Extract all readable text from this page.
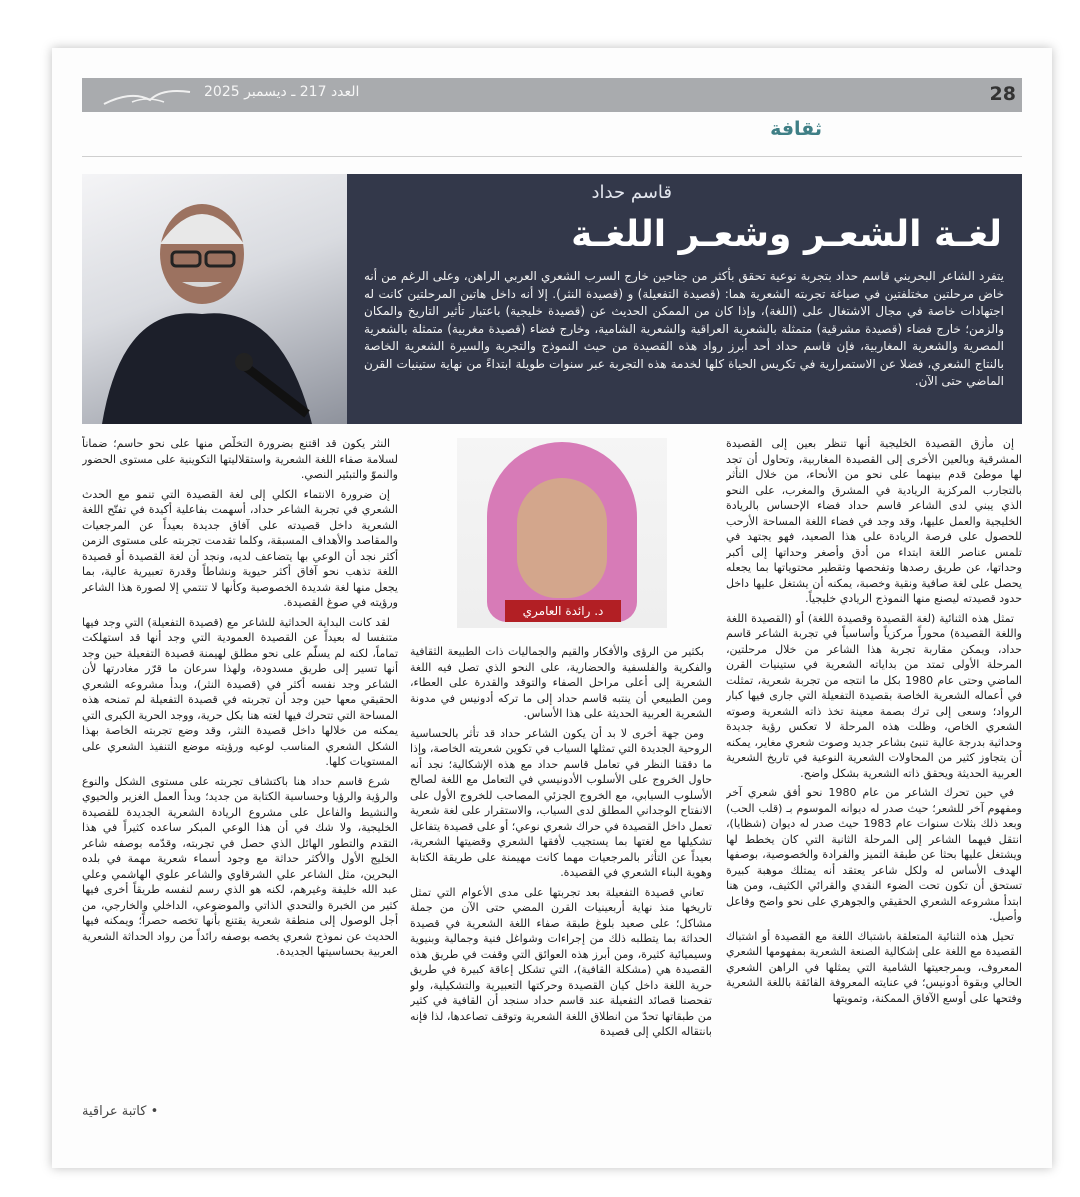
العدد 217 ـ ديسمبر 2025	28
ثقافة
قاسم حداد
لغـة الشعـر وشعـر اللغـة
يتفرد الشاعر البحريني قاسم حداد بتجربة نوعية تحقق بأكثر من جناحين خارج السرب الشعري العربي الراهن، وعلى الرغم من أنه خاض مرحلتين مختلفتين في صياغة تجربته الشعرية هما: (قصيدة التفعيلة) و (قصيدة النثر). إلا أنه داخل هاتين المرحلتين كانت له اجتهادات خاصة في مجال الاشتغال على (اللغة)، وإذا كان من الممكن الحديث عن (قصيدة خليجية) باعتبار تأثير التاريخ والمكان والزمن؛ خارج فضاء (قصيدة مشرقية) متمثلة بالشعرية العراقية والشعرية الشامية، وخارج فضاء (قصيدة مغربية) متمثلة بالشعرية المصرية والشعرية المغاربية، فإن قاسم حداد أحد أبرز رواد هذه القصيدة من حيث النموذج والتجربة والسيرة الشعرية الخاصة بالنتاج الشعري، فضلا عن الاستمرارية في تكريس الحياة كلها لخدمة هذه التجربة عبر سنوات طويلة ابتداءً من نهاية ستينيات القرن الماضي حتى الآن.

إن مأزق القصيدة الخليجية أنها تنظر بعين إلى القصيدة المشرقية وبالعين الأخرى إلى القصيدة المغاربية، وتحاول أن تجد لها موطئ قدم بينهما على نحو من الأنحاء، من خلال التأثر بالتجارب المركزية الريادية في المشرق والمغرب، على النحو الذي يبني لدى الشاعر قاسم حداد فضاء الإحساس بالريادة الخليجية والعمل عليها، وقد وجد في فضاء اللغة المساحة الأرحب للحصول على فرصة الريادة على هذا الصعيد، فهو يجتهد في تلمس عناصر اللغة ابتداء من أدق وأصغر وحداتها إلى أكبر وحداتها، عن طريق رصدها وتفحصها وتقطير محتوياتها بما يجعله يحصل على لغة صافية ونقية وخصبة، يمكنه أن يشتغل عليها داخل حدود قصيدته ليصنع منها النموذج الريادي خليجياً.

تمثل هذه الثنائية (لغة القصيدة وقصيدة اللغة) أو (القصيدة اللغة واللغة القصيدة) محوراً مركزياً وأساسياً في تجربة الشاعر قاسم حداد، ويمكن مقاربة تجربة هذا الشاعر من خلال مرحلتين، المرحلة الأولى تمتد من بداياته الشعرية في ستينيات القرن الماضي وحتى عام 1980 بكل ما انتجه من تجربة شعرية، تمثلت في أعماله الشعرية الخاصة بقصيدة التفعيلة التي جارى فيها كبار الرواد؛ وسعى إلى ترك بصمة معينة تخذ ذاته الشعرية وصوته الشعري الخاص، وظلت هذه المرحلة لا تعكس رؤية جديدة وحداثية بدرجة عالية تنبئ بشاعر جديد وصوت شعري مغاير، يمكنه أن يتجاوز كثير من المحاولات الشعرية النوعية في تاريخ الشعرية العربية الحديثة ويحقق ذاته الشعرية بشكل واضح.

في حين تحرك الشاعر من عام 1980 نحو أفق شعري آخر ومفهوم آخر للشعر؛ حيث صدر له ديوانه الموسوم بـ (قلب الحب) وبعد ذلك بثلاث سنوات عام 1983 حيث صدر له ديوان (شظايا)، انتقل فيهما الشاعر إلى المرحلة الثانية التي كان يخطط لها ويشتغل عليها بحثا عن طبقة التميز والفرادة والخصوصية، بوصفها الهدف الأساس له ولكل شاعر يعتقد أنه يمتلك موهبة كبيرة تستحق أن تكون تحت الضوء النقدي والقرائي الكثيف، ومن هنا ابتدأ مشروعه الشعري الحقيقي والجوهري على نحو واضح وفاعل وأصيل.

تحيل هذه الثنائية المتعلقة باشتباك اللغة مع القصيدة أو اشتباك القصيدة مع اللغة على إشكالية الصنعة الشعرية بمفهومها الشعري المعروف، وبمرجعيتها الشامية التي يمثلها في الراهن الشعري الحالي وبقوة أدونيس؛ في عنايته المعروفة الفائقة باللغة الشعرية وفتحها على أوسع الآفاق الممكنة، وتمويتها

د. رائدة العامري

بكثير من الرؤى والأفكار والقيم والجماليات ذات الطبيعة الثقافية والفكرية والفلسفية والحضارية، على النحو الذي تصل فيه اللغة الشعرية إلى أعلى مراحل الصفاء والتوقد والقدرة على العطاء، ومن الطبيعي أن ينتبه قاسم حداد إلى ما تركه أدونيس في مدونة الشعرية العربية الحديثة على هذا الأساس.

ومن جهة أخرى لا بد أن يكون الشاعر حداد قد تأثر بالحساسية الروحية الجديدة التي تمثلها السياب في تكوين شعريته الخاصة، وإذا ما دققنا النظر في تعامل قاسم حداد مع هذه الإشكالية؛ نجد أنه حاول الخروج على الأسلوب الأدونيسي في التعامل مع اللغة لصالح الأسلوب السيابي، مع الخروج الجزئي المصاحب للخروج الأول على الانفتاح الوجداني المطلق لدى السياب، والاستقرار على لغة شعرية تعمل داخل القصيدة في حراك شعري نوعي؛ أو على قصيدة يتفاعل تشكيلها مع لغتها بما يستجيب لأفقها الشعري وقضيتها الشعرية، بعيداً عن التأثر بالمرجعيات مهما كانت مهيمنة على طريقة الكتابة وهوية البناء الشعري في القصيدة.

تعاني قصيدة التفعيلة بعد تجربتها على مدى الأعوام التي تمثل تاريخها منذ نهاية أربعينيات القرن المضي حتى الآن من جملة مشاكل؛ على صعيد بلوغ طبقة صفاء اللغة الشعرية في قصيدة الحداثة بما يتطلبه ذلك من إجراءات وشواغل فنية وجمالية وبنيوية وسيميائية كثيرة، ومن أبرز هذه العوائق التي وقفت في طريق هذه القصيدة هي (مشكلة القافية)، التي تشكل إعاقة كبيرة في طريق حرية اللغة داخل كيان القصيدة وحركتها التعبيرية والتشكيلية، ولو تفحصنا قصائد التفعيلة عند قاسم حداد سنجد أن القافية في كثير من طبقاتها تحدّ من انطلاق اللغة الشعرية وتوقف تصاعدها، لذا فإنه بانتقاله الكلي إلى قصيدة

النثر يكون قد اقتنع بضرورة التخلّص منها على نحو حاسم؛ ضماناً لسلامة صفاء اللغة الشعرية واستقلاليتها التكوينية على مستوى الحضور والنموّ والتبئير النصي.

إن ضرورة الانتماء الكلي إلى لغة القصيدة التي تنمو مع الحدث الشعري في تجربة الشاعر حداد، أسهمت بفاعلية أكيدة في تفتّح اللغة الشعرية داخل قصيدته على آفاق جديدة بعيداً عن المرجعيات والمقاصد والأهداف المسبقة، وكلما تقدمت تجربته على مستوى الزمن أكثر نجد أن الوعي بها يتضاعف لديه، ونجد أن لغة القصيدة أو قصيدة اللغة تذهب نحو آفاق أكثر حيوية ونشاطاً وقدرة تعبيرية عالية، بما يجعل منها لغة شديدة الخصوصية وكأنها لا تنتمي إلا لصورة هذا الشاعر ورؤيته في صوغ القصيدة.

لقد كانت البداية الحداثية للشاعر مع (قصيدة التفعيلة) التي وجد فيها متنفسا له بعيداً عن القصيدة العمودية التي وجد أنها قد استهلكت تماماً، لكنه لم يسلّم على نحو مطلق لهيمنة قصيدة التفعيلة حين وجد أنها تسير إلى طريق مسدودة، ولهذا سرعان ما قرّر مغادرتها لأن الشاعر وجد نفسه أكثر في (قصيدة النثر)، وبدأ مشروعه الشعري الحقيقي معها حين وجد أن تجربته في قصيدة التفعيلة لم تمنحه هذه المساحة التي تتحرك فيها لغته هنا بكل حرية، ووجد الحرية الكبرى التي يمكنه من خلالها داخل قصيدة النثر، وقد وضع تجربته الخاصة بهذا الشكل الشعري المناسب لوعيه ورؤيته موضع التنفيذ الشعري على المستويات كلها.

شرع قاسم حداد هنا باكتشاف تجربته على مستوى الشكل والنوع والرؤية والرؤيا وحساسية الكتابة من جديد؛ وبدأ العمل الغزير والحيوي والنشيط والفاعل على مشروع الريادة الشعرية الجديدة للقصيدة الخليجية، ولا شك في أن هذا الوعي المبكر ساعده كثيراً في هذا التقدم والتطور الهائل الذي حصل في تجربته، وقدّمه بوصفه شاعر الخليج الأول والأكثر حداثة مع وجود أسماء شعرية مهمة في بلده البحرين، مثل الشاعر علي الشرقاوي والشاعر علوي الهاشمي وعلي عبد الله خليفة وغيرهم، لكنه هو الذي رسم لنفسه طريقاً أخرى فيها كثير من الخبرة والتحدي الذاتي والموضوعي، الداخلي والخارجي، من أجل الوصول إلى منطقة شعرية يقتنع بأنها تخصه حصراً؛ ويمكنه فيها الحديث عن نموذج شعري يخصه بوصفه رائداً من رواد الحداثة الشعرية العربية بحساسيتها الجديدة.

• كاتبة عراقية
